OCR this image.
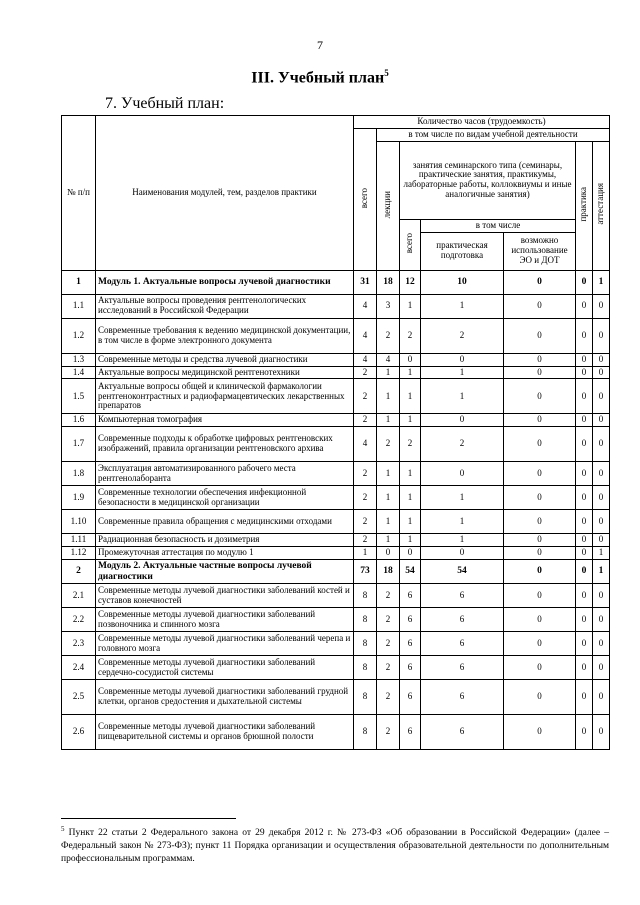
7
III. Учебный план$^5$
7. Учебный план:
№ п/п	Наименования модулей, тем, разделов практики	Количество часов (трудоемкость)						
		всего	в том числе по видам учебной деятельности					
			лекции	занятия семинарского типа (семинары, практические занятия, практикумы, лабораторные работы, коллоквиумы и иные аналогичные занятия)			практика	аттестация
				всего	в том числе			
					практическая подготовка	возможно использование ЭО и ДОТ		
1	Модуль 1. Актуальные вопросы лучевой диагностики	31	18	12	10	0	0	1
1.1	Актуальные вопросы проведения рентгенологических исследований в Российской Федерации	4	3	1	1	0	0	0
1.2	Современные требования к ведению медицинской документации, в том числе в форме электронного документа	4	2	2	2	0	0	0
1.3	Современные методы и средства лучевой диагностики	4	4	0	0	0	0	0
1.4	Актуальные вопросы медицинской рентгенотехники	2	1	1	1	0	0	0
1.5	Актуальные вопросы общей и клинической фармакологии рентгеноконтрастных и радиофармацевтических лекарственных препаратов	2	1	1	1	0	0	0
1.6	Компьютерная томография	2	1	1	0	0	0	0
1.7	Современные подходы к обработке цифровых рентгеновских изображений, правила организации рентгеновского архива	4	2	2	2	0	0	0
1.8	Эксплуатация автоматизированного рабочего места рентгенолаборанта	2	1	1	0	0	0	0
1.9	Современные технологии обеспечения инфекционной безопасности в медицинской организации	2	1	1	1	0	0	0
1.10	Современные правила обращения с медицинскими отходами	2	1	1	1	0	0	0
1.11	Радиационная безопасность и дозиметрия	2	1	1	1	0	0	0
1.12	Промежуточная аттестация по модулю 1	1	0	0	0	0	0	1
2	Модуль 2. Актуальные частные вопросы лучевой диагностики	73	18	54	54	0	0	1
2.1	Современные методы лучевой диагностики заболеваний костей и суставов конечностей	8	2	6	6	0	0	0
2.2	Современные методы лучевой диагностики заболеваний позвоночника и спинного мозга	8	2	6	6	0	0	0
2.3	Современные методы лучевой диагностики заболеваний черепа и головного мозга	8	2	6	6	0	0	0
2.4	Современные методы лучевой диагностики заболеваний сердечно-сосудистой системы	8	2	6	6	0	0	0
2.5	Современные методы лучевой диагностики заболеваний грудной клетки, органов средостения и дыхательной системы	8	2	6	6	0	0	0
2.6	Современные методы лучевой диагностики заболеваний пищеварительной системы и органов брюшной полости	8	2	6	6	0	0	0
$^5$ Пункт 22 статьи 2 Федерального закона от 29 декабря 2012 г. № 273-ФЗ «Об образовании в Российской Федерации» (далее – Федеральный закон № 273-ФЗ); пункт 11 Порядка организации и осуществления образовательной деятельности по дополнительным профессиональным программам.
